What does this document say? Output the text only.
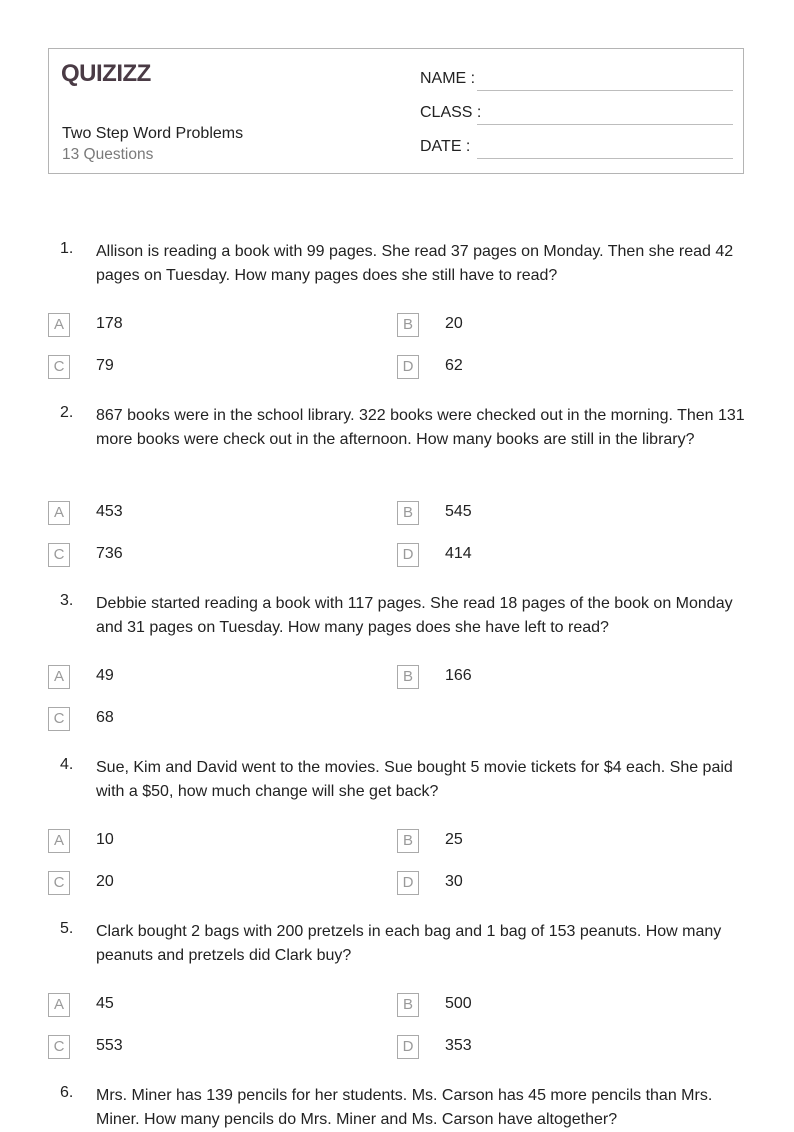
QUIZIZZ
Two Step Word Problems
13 Questions
NAME :
CLASS :
DATE :
1. Allison is reading a book with 99 pages. She read 37 pages on Monday. Then she read 42 pages on Tuesday. How many pages does she still have to read?
A	178	B	20
C	79	D	62
2. 867 books were in the school library. 322 books were checked out in the morning. Then 131 more books were check out in the afternoon. How many books are still in the library?
A	453	B	545
C	736	D	414
3. Debbie started reading a book with 117 pages. She read 18 pages of the book on Monday and 31 pages on Tuesday. How many pages does she have left to read?
A	49	B	166
C	68
4. Sue, Kim and David went to the movies. Sue bought 5 movie tickets for $4 each. She paid with a $50, how much change will she get back?
A	10	B	25
C	20	D	30
5. Clark bought 2 bags with 200 pretzels in each bag and 1 bag of 153 peanuts. How many peanuts and pretzels did Clark buy?
A	45	B	500
C	553	D	353
6. Mrs. Miner has 139 pencils for her students. Ms. Carson has 45 more pencils than Mrs. Miner. How many pencils do Mrs. Miner and Ms. Carson have altogether?
